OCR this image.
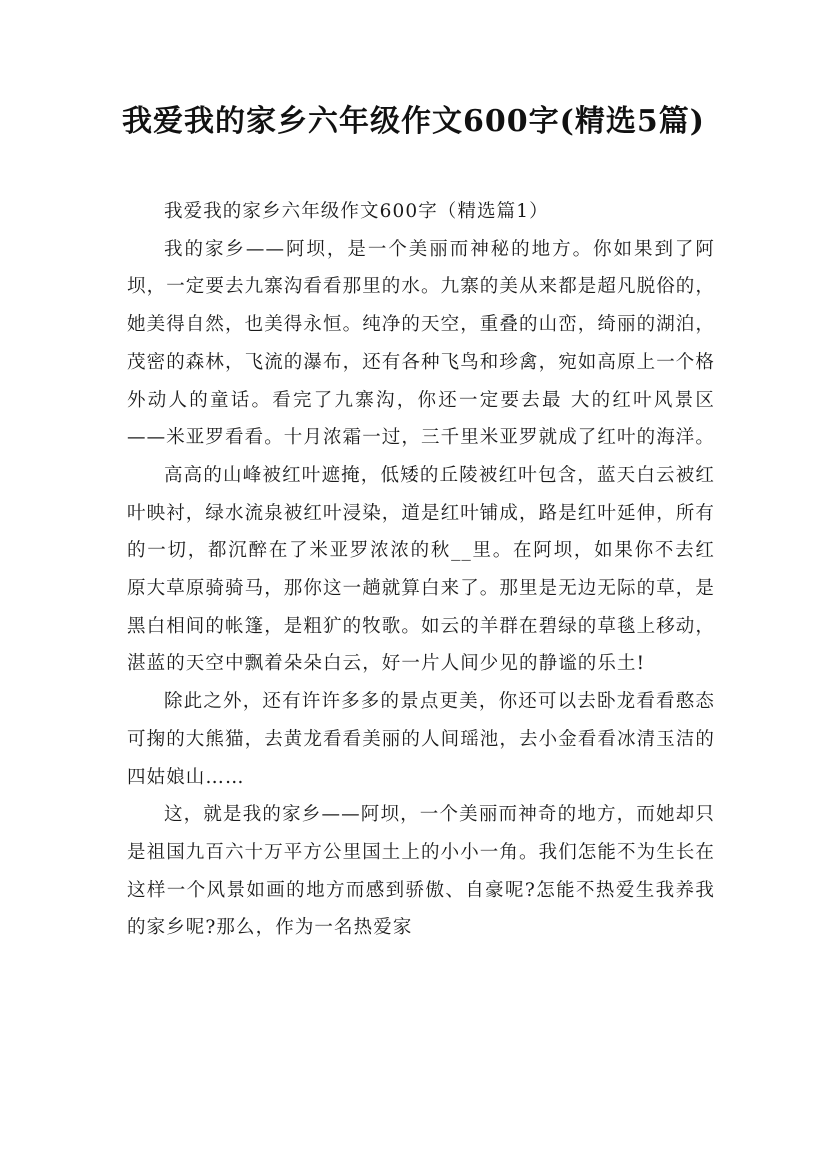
我爱我的家乡六年级作文600字(精选5篇)

我爱我的家乡六年级作文600字（精选篇1）

我的家乡——阿坝，是一个美丽而神秘的地方。你如果到了阿坝，一定要去九寨沟看看那里的水。九寨的美从来都是超凡脱俗的，她美得自然，也美得永恒。纯净的天空，重叠的山峦，绮丽的湖泊，茂密的森林，飞流的瀑布，还有各种飞鸟和珍禽，宛如高原上一个格外动人的童话。看完了九寨沟，你还一定要去最 大的红叶风景区——米亚罗看看。十月浓霜一过，三千里米亚罗就成了红叶的海洋。

高高的山峰被红叶遮掩，低矮的丘陵被红叶包含，蓝天白云被红叶映衬，绿水流泉被红叶浸染，道是红叶铺成，路是红叶延伸，所有的一切，都沉醉在了米亚罗浓浓的秋__里。在阿坝，如果你不去红原大草原骑骑马，那你这一趟就算白来了。那里是无边无际的草，是黑白相间的帐篷，是粗犷的牧歌。如云的羊群在碧绿的草毯上移动，湛蓝的天空中飘着朵朵白云，好一片人间少见的静谧的乐土!

除此之外，还有许许多多的景点更美，你还可以去卧龙看看憨态可掬的大熊猫，去黄龙看看美丽的人间瑶池，去小金看看冰清玉洁的四姑娘山……

这，就是我的家乡——阿坝，一个美丽而神奇的地方，而她却只是祖国九百六十万平方公里国土上的小小一角。我们怎能不为生长在这样一个风景如画的地方而感到骄傲、自豪呢?怎能不热爱生我养我的家乡呢?那么，作为一名热爱家
